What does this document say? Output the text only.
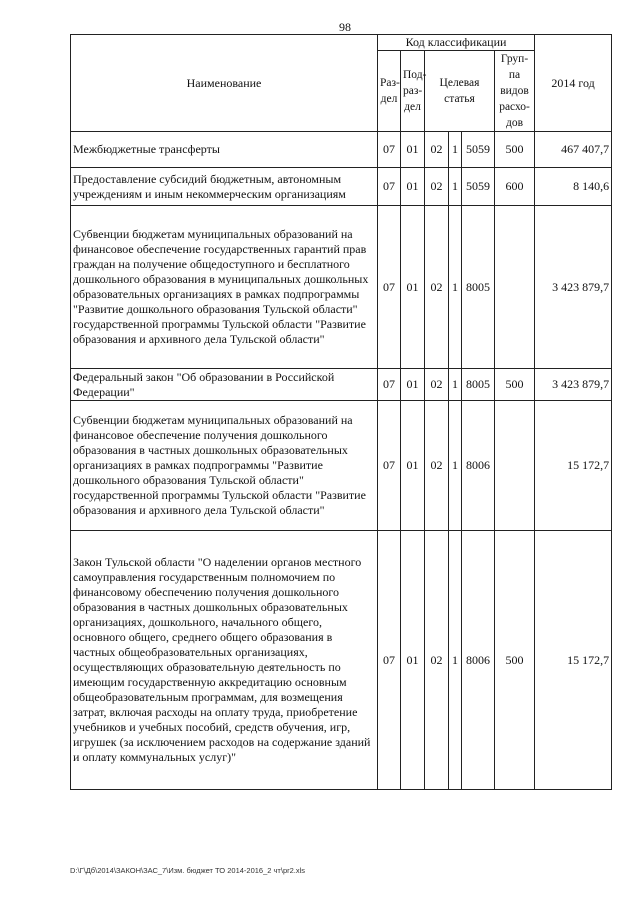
98
Наименование	Код классификации						2014 год
	Раз-дел	Под-раз-дел	Целевая статья			Груп-па видов расхо-дов	
Межбюджетные трансферты	07	01	02	1	5059	500	467 407,7
Предоставление субсидий бюджетным, автономным учреждениям и иным некоммерческим организациям	07	01	02	1	5059	600	8 140,6
Субвенции бюджетам муниципальных образований на финансовое обеспечение государственных гарантий прав граждан на получение общедоступного и бесплатного дошкольного образования в муниципальных дошкольных образовательных организациях в рамках подпрограммы "Развитие дошкольного образования Тульской области" государственной программы Тульской области "Развитие образования и архивного дела Тульской области"	07	01	02	1	8005		3 423 879,7
Федеральный закон "Об образовании в Российской Федерации"	07	01	02	1	8005	500	3 423 879,7
Субвенции бюджетам муниципальных образований на финансовое обеспечение получения дошкольного образования в частных дошкольных образовательных организациях в рамках подпрограммы "Развитие дошкольного образования Тульской области" государственной программы Тульской области "Развитие образования и архивного дела Тульской области"	07	01	02	1	8006		15 172,7
Закон Тульской области "О наделении органов местного самоуправления государственным полномочием по финансовому обеспечению получения дошкольного образования в частных дошкольных образовательных организациях, дошкольного, начального общего, основного общего, среднего общего образования в частных общеобразовательных организациях, осуществляющих образовательную деятельность по имеющим государственную аккредитацию основным общеобразовательным программам, для возмещения затрат, включая расходы на оплату труда, приобретение учебников и учебных пособий, средств обучения, игр, игрушек (за исключением расходов на содержание зданий и оплату коммунальных услуг)"	07	01	02	1	8006	500	15 172,7
D:\Г\Дб\2014\ЗАКОН\ЗАС_7\Изм. бюджет ТО 2014-2016_2 чт\pr2.xls
